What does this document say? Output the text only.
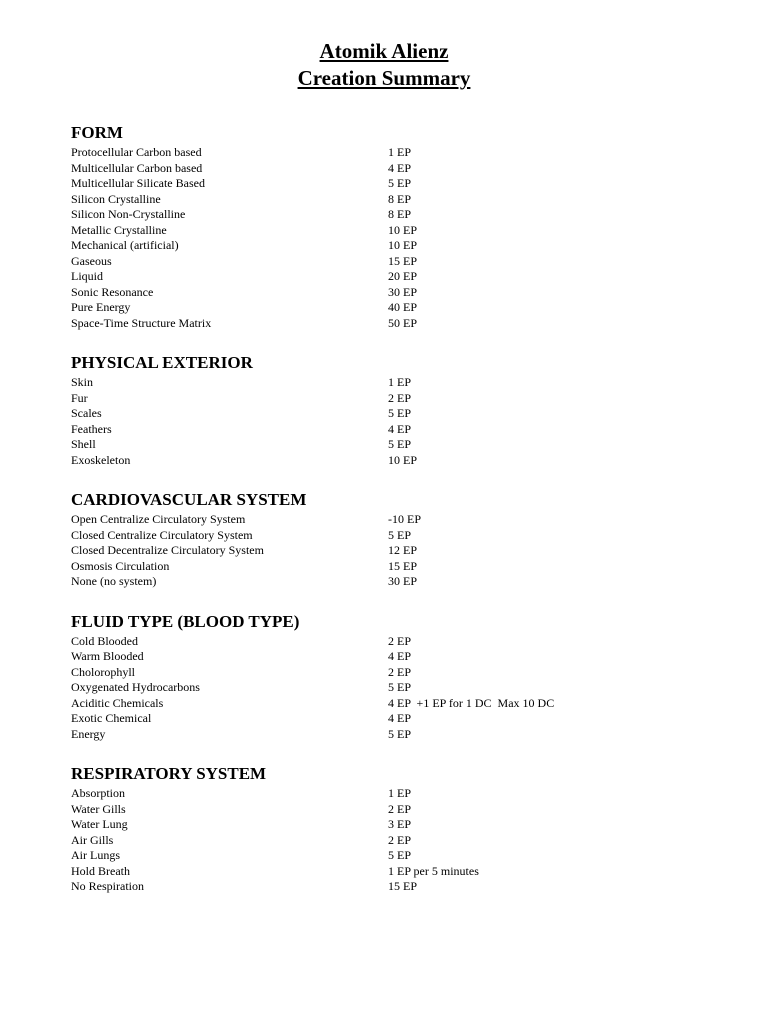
Atomik Alienz
Creation Summary
FORM
Protocellular Carbon based	1 EP
Multicellular Carbon based	4 EP
Multicellular Silicate Based	5 EP
Silicon Crystalline	8 EP
Silicon Non-Crystalline	8 EP
Metallic Crystalline	10 EP
Mechanical (artificial)	10 EP
Gaseous	15 EP
Liquid	20 EP
Sonic Resonance	30 EP
Pure Energy	40 EP
Space-Time Structure Matrix	50 EP
PHYSICAL EXTERIOR
Skin	1 EP
Fur	2 EP
Scales	5 EP
Feathers	4 EP
Shell	5 EP
Exoskeleton	10 EP
CARDIOVASCULAR SYSTEM
Open Centralize Circulatory System	-10 EP
Closed Centralize Circulatory System	5 EP
Closed Decentralize Circulatory System	12 EP
Osmosis Circulation	15 EP
None (no system)	30 EP
FLUID TYPE (BLOOD TYPE)
Cold Blooded	2 EP
Warm Blooded	4 EP
Cholorophyll	2 EP
Oxygenated Hydrocarbons	5 EP
Aciditic Chemicals	4 EP  +1 EP for 1 DC  Max 10 DC
Exotic Chemical	4 EP
Energy	5 EP
RESPIRATORY SYSTEM
Absorption	1 EP
Water Gills	2 EP
Water Lung	3 EP
Air Gills	2 EP
Air Lungs	5 EP
Hold Breath	1 EP per 5 minutes
No Respiration	15 EP
